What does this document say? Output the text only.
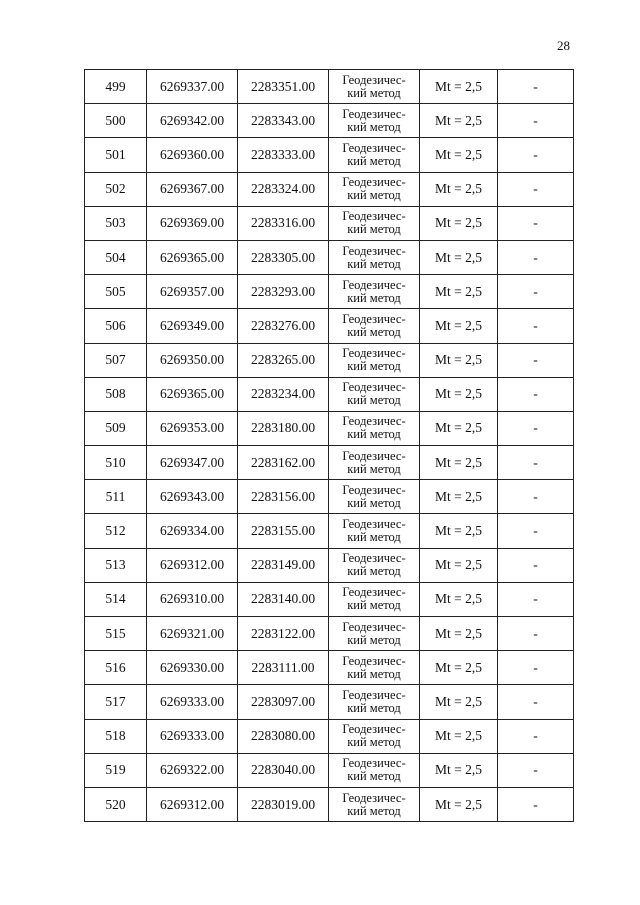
28
499	6269337.00	2283351.00	Геодезичес-
кий метод	Mt = 2,5	-
500	6269342.00	2283343.00	Геодезичес-
кий метод	Mt = 2,5	-
501	6269360.00	2283333.00	Геодезичес-
кий метод	Mt = 2,5	-
502	6269367.00	2283324.00	Геодезичес-
кий метод	Mt = 2,5	-
503	6269369.00	2283316.00	Геодезичес-
кий метод	Mt = 2,5	-
504	6269365.00	2283305.00	Геодезичес-
кий метод	Mt = 2,5	-
505	6269357.00	2283293.00	Геодезичес-
кий метод	Mt = 2,5	-
506	6269349.00	2283276.00	Геодезичес-
кий метод	Mt = 2,5	-
507	6269350.00	2283265.00	Геодезичес-
кий метод	Mt = 2,5	-
508	6269365.00	2283234.00	Геодезичес-
кий метод	Mt = 2,5	-
509	6269353.00	2283180.00	Геодезичес-
кий метод	Mt = 2,5	-
510	6269347.00	2283162.00	Геодезичес-
кий метод	Mt = 2,5	-
511	6269343.00	2283156.00	Геодезичес-
кий метод	Mt = 2,5	-
512	6269334.00	2283155.00	Геодезичес-
кий метод	Mt = 2,5	-
513	6269312.00	2283149.00	Геодезичес-
кий метод	Mt = 2,5	-
514	6269310.00	2283140.00	Геодезичес-
кий метод	Mt = 2,5	-
515	6269321.00	2283122.00	Геодезичес-
кий метод	Mt = 2,5	-
516	6269330.00	2283111.00	Геодезичес-
кий метод	Mt = 2,5	-
517	6269333.00	2283097.00	Геодезичес-
кий метод	Mt = 2,5	-
518	6269333.00	2283080.00	Геодезичес-
кий метод	Mt = 2,5	-
519	6269322.00	2283040.00	Геодезичес-
кий метод	Mt = 2,5	-
520	6269312.00	2283019.00	Геодезичес-
кий метод	Mt = 2,5	-
